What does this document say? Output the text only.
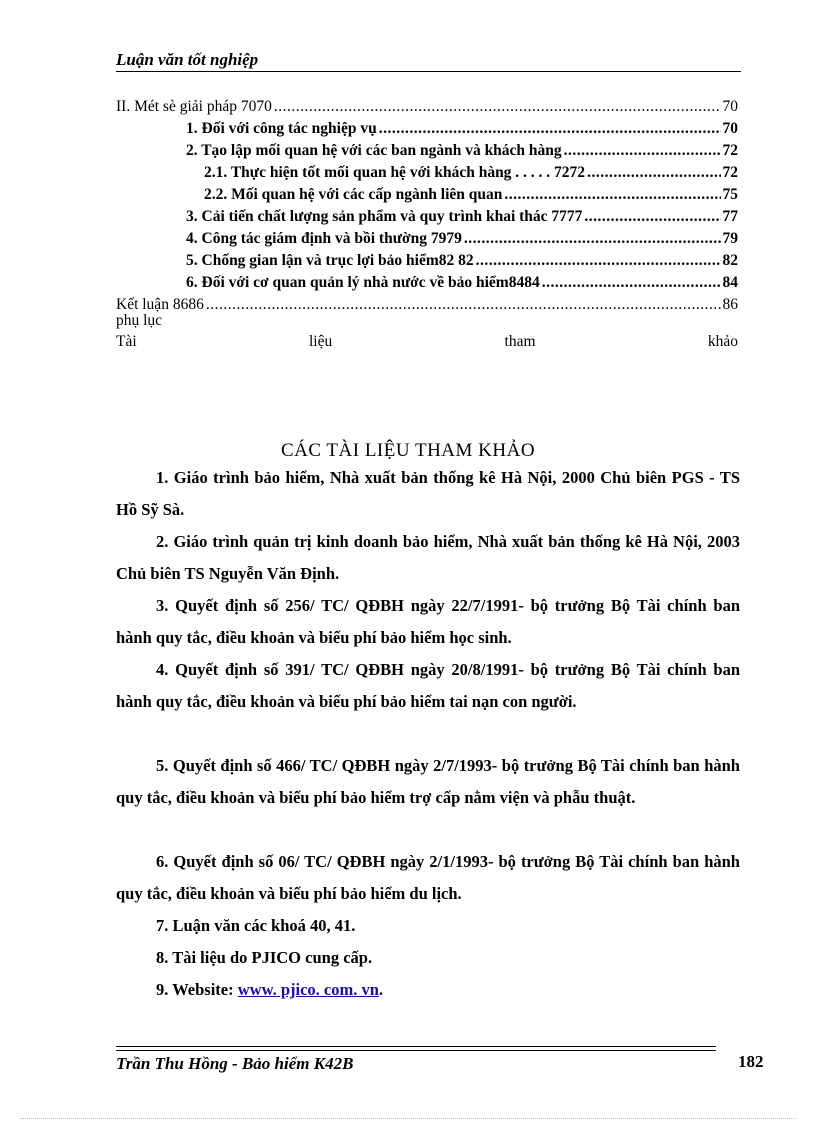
Luận văn tốt nghiệp
II. Mét sè giải pháp 7070 .....	70
1. Đối với công tác nghiệp vụ .....	70
2. Tạo lập mối quan hệ với các ban ngành và khách hàng .....	72
2.1. Thực hiện tốt mối quan hệ với khách hàng . . . . . 7272 .....	72
2.2. Mối quan hệ với các cấp ngành liên quan .....	75
3. Cải tiến chất lượng sản phẩm và quy trình khai thác 7777 .....	77
4. Công tác giám định và bồi thường 7979 .....	79
5. Chống gian lận và trục lợi bảo hiểm82 82 .....	82
6. Đối với cơ quan quản lý nhà nước về bảo hiểm8484 .....	84
Kết luận 8686 .....	86
phụ lục
Tài	liệu	tham	khảo
CÁC TÀI LIỆU THAM KHẢO
1. Giáo trình bảo hiểm, Nhà xuất bản thống kê Hà Nội, 2000 Chủ biên PGS - TS Hồ Sỹ Sà.
2. Giáo trình quản trị kinh doanh bảo hiểm, Nhà xuất bản thống kê Hà Nội, 2003 Chủ biên TS Nguyễn Văn Định.
3. Quyết định số 256/ TC/ QĐBH ngày 22/7/1991- bộ trưởng Bộ Tài chính ban hành quy tắc, điều khoản và biểu phí bảo hiểm học sinh.
4. Quyết định số 391/ TC/ QĐBH ngày 20/8/1991- bộ trưởng Bộ Tài chính ban hành quy tắc, điều khoản và biểu phí bảo hiểm tai nạn con người.
5. Quyết định số 466/ TC/ QĐBH ngày 2/7/1993- bộ trưởng Bộ Tài chính ban hành quy tắc, điều khoản và biểu phí bảo hiểm trợ cấp nằm viện và phẫu thuật.
6. Quyết định số 06/ TC/ QĐBH ngày 2/1/1993- bộ trưởng Bộ Tài chính ban hành quy tắc, điều khoản và biểu phí bảo hiểm du lịch.
7. Luận văn các khoá 40, 41.
8. Tài liệu do PJICO cung cấp.
9. Website: www. pjico. com. vn.
Trần Thu Hồng - Bảo hiểm K42B	182
